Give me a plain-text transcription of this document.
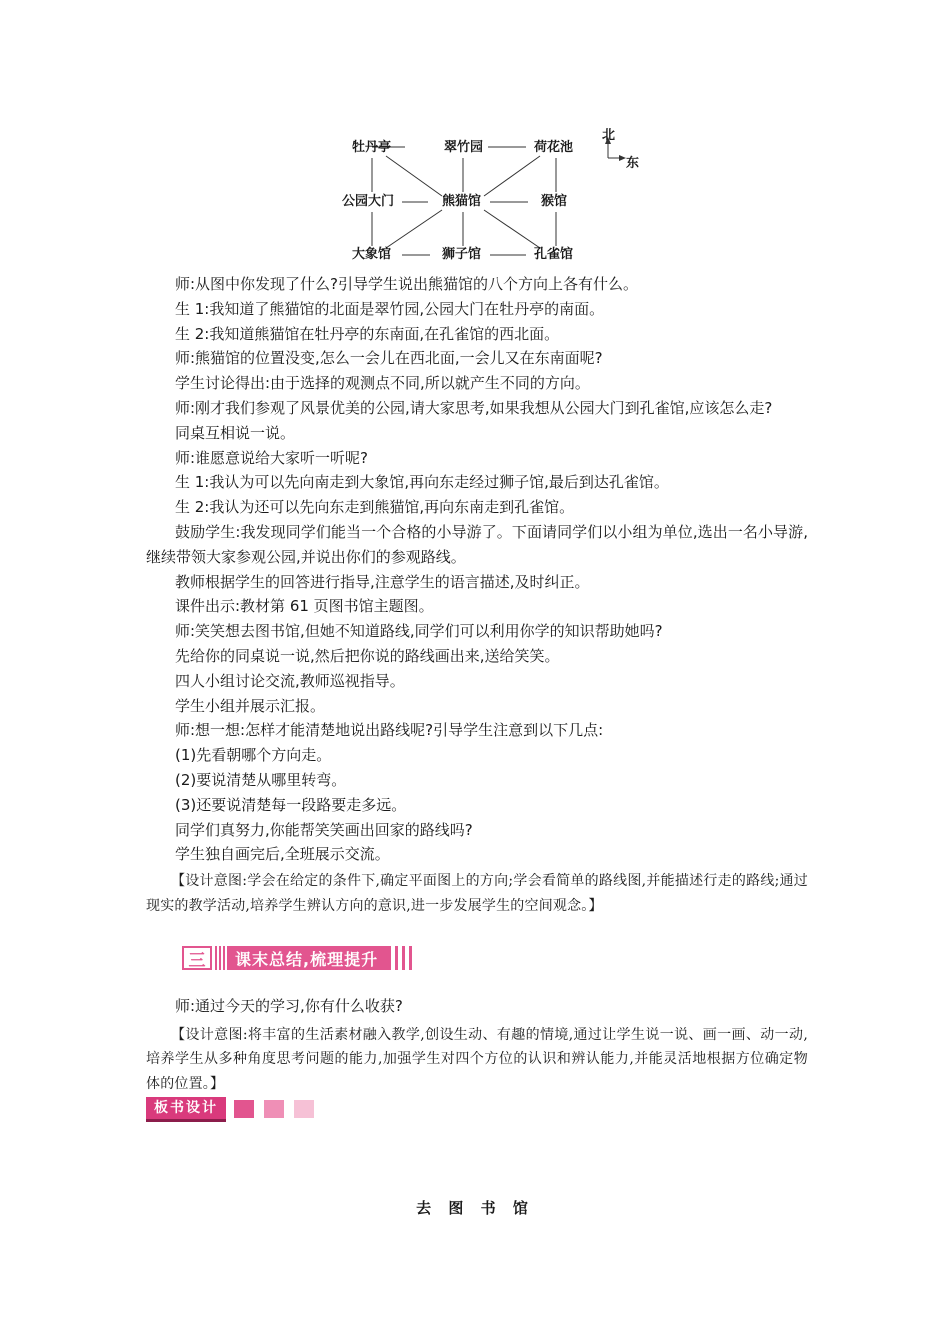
牡丹亭	翠竹园	荷花池
公园大门	熊猫馆	猴馆
大象馆	狮子馆	孔雀馆
北
东

师:从图中你发现了什么?引导学生说出熊猫馆的八个方向上各有什么。

生 1:我知道了熊猫馆的北面是翠竹园,公园大门在牡丹亭的南面。

生 2:我知道熊猫馆在牡丹亭的东南面,在孔雀馆的西北面。

师:熊猫馆的位置没变,怎么一会儿在西北面,一会儿又在东南面呢?

学生讨论得出:由于选择的观测点不同,所以就产生不同的方向。

师:刚才我们参观了风景优美的公园,请大家思考,如果我想从公园大门到孔雀馆,应该怎么走?

同桌互相说一说。

师:谁愿意说给大家听一听呢?

生 1:我认为可以先向南走到大象馆,再向东走经过狮子馆,最后到达孔雀馆。

生 2:我认为还可以先向东走到熊猫馆,再向东南走到孔雀馆。

鼓励学生:我发现同学们能当一个合格的小导游了。下面请同学们以小组为单位,选出一名小导游,继续带领大家参观公园,并说出你们的参观路线。

教师根据学生的回答进行指导,注意学生的语言描述,及时纠正。

课件出示:教材第 61 页图书馆主题图。

师:笑笑想去图书馆,但她不知道路线,同学们可以利用你学的知识帮助她吗?

先给你的同桌说一说,然后把你说的路线画出来,送给笑笑。

四人小组讨论交流,教师巡视指导。

学生小组并展示汇报。

师:想一想:怎样才能清楚地说出路线呢?引导学生注意到以下几点:

(1)先看朝哪个方向走。

(2)要说清楚从哪里转弯。

(3)还要说清楚每一段路要走多远。

同学们真努力,你能帮笑笑画出回家的路线吗?

学生独自画完后,全班展示交流。

【设计意图:学会在给定的条件下,确定平面图上的方向;学会看简单的路线图,并能描述行走的路线;通过现实的教学活动,培养学生辨认方向的意识,进一步发展学生的空间观念。】

三	课末总结,梳理提升

师:通过今天的学习,你有什么收获?

【设计意图:将丰富的生活素材融入教学,创设生动、有趣的情境,通过让学生说一说、画一画、动一动,培养学生从多种角度思考问题的能力,加强学生对四个方位的认识和辨认能力,并能灵活地根据方位确定物体的位置。】

板书设计
去 图 书 馆
